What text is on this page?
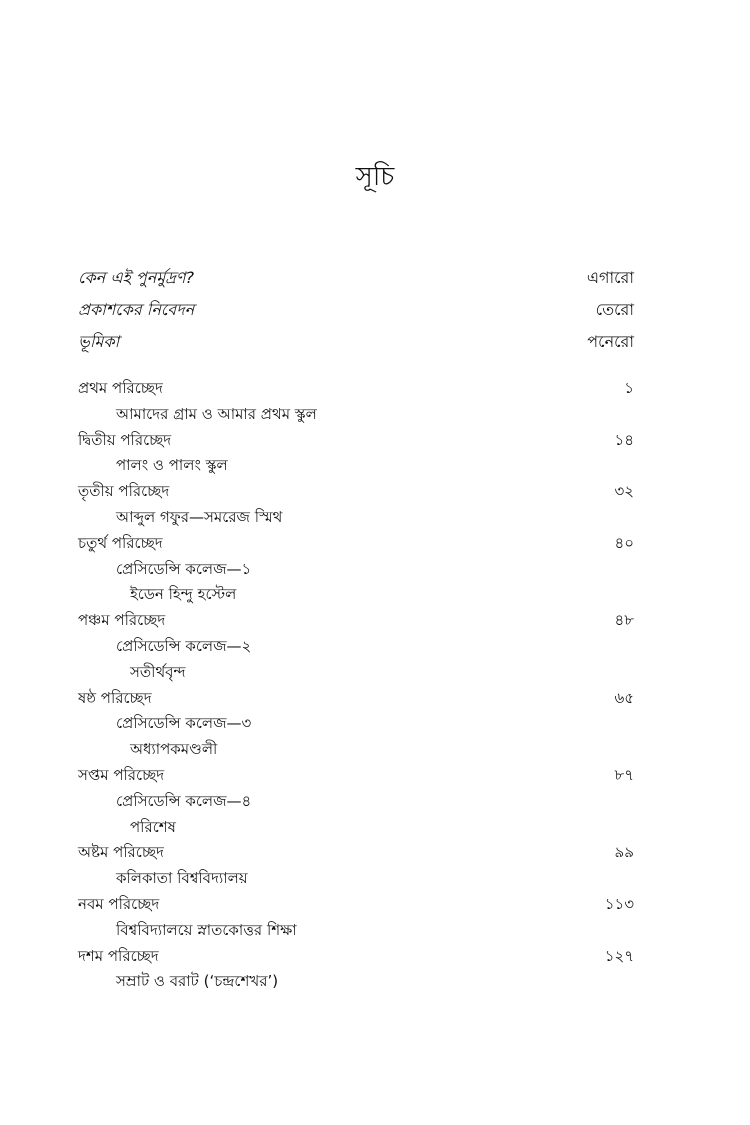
সূচি
কেন এই পুনর্মুদ্রণ?	এগারো
প্রকাশকের নিবেদন	তেরো
ভূমিকা	পনেরো
প্রথম পরিচ্ছেদ	১
আমাদের গ্রাম ও আমার প্রথম স্কুল
দ্বিতীয় পরিচ্ছেদ	১৪
পালং ও পালং স্কুল
তৃতীয় পরিচ্ছেদ	৩২
আব্দুল গফুর—সমরেজ স্মিথ
চতুর্থ পরিচ্ছেদ	৪০
প্রেসিডেন্সি কলেজ—১
ইডেন হিন্দু হস্টেল
পঞ্চম পরিচ্ছেদ	৪৮
প্রেসিডেন্সি কলেজ—২
সতীর্থবৃন্দ
ষষ্ঠ পরিচ্ছেদ	৬৫
প্রেসিডেন্সি কলেজ—৩
অধ্যাপকমণ্ডলী
সপ্তম পরিচ্ছেদ	৮৭
প্রেসিডেন্সি কলেজ—৪
পরিশেষ
অষ্টম পরিচ্ছেদ	৯৯
কলিকাতা বিশ্ববিদ্যালয়
নবম পরিচ্ছেদ	১১৩
বিশ্ববিদ্যালয়ে স্নাতকোত্তর শিক্ষা
দশম পরিচ্ছেদ	১২৭
সম্রাট ও বরাট (‘চন্দ্রশেখর’)
